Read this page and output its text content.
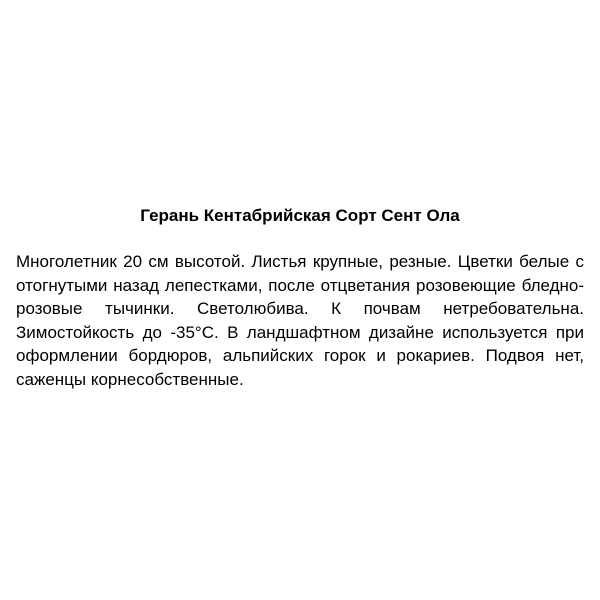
Герань Кентабрийская Сорт Сент Ола

Многолетник 20 см высотой. Листья крупные, резные. Цветки белые с отогнутыми назад лепестками, после отцветания розовеющие бледно-розовые тычинки. Светолюбива. К почвам нетребовательна. Зимостойкость до -35°C. В ландшафтном дизайне используется при оформлении бордюров, альпийских горок и рокариев. Подвоя нет, саженцы корнесобственные.
